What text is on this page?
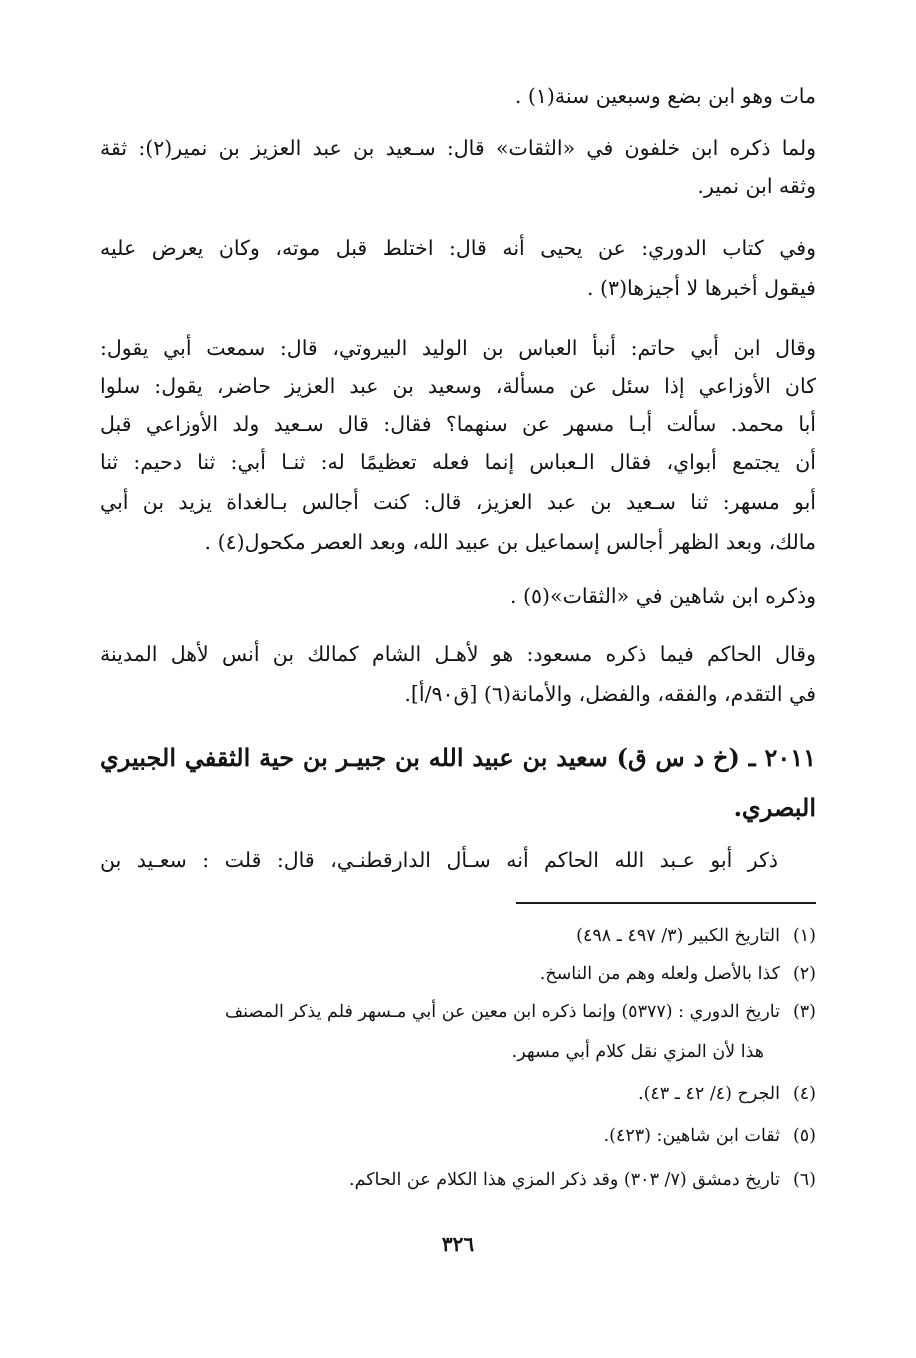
مات وهو ابن بضع وسبعين سنة(١) .
ولما ذكره ابن خلفون في «الثقات» قال: سـعيد بن عبد العزيز بن نمير(٢): ثقة
وثقه ابن نمير.
وفي كتاب الدوري: عن يحيى أنه قال: اختلط قبل موته، وكان يعرض عليه
فيقول أخبرها لا أجيزها(٣) .
وقال ابن أبي حاتم: أنبأ العباس بن الوليد البيروتي، قال: سمعت أبي يقول:
كان الأوزاعي إذا سئل عن مسألة، وسعيد بن عبد العزيز حاضر، يقول: سلوا
أبا محمد. سألت أبـا مسهر عن سنهما؟ فقال: قال سـعيد ولد الأوزاعي قبل
أن يجتمع أبواي، فقال الـعباس إنما فعله تعظيمًا له: ثنـا أبي: ثنا دحيم: ثنا
أبو مسهر: ثنا سـعيد بن عبد العزيز، قال: كنت أجالس بـالغداة يزيد بن أبي
مالك، وبعد الظهر أجالس إسماعيل بن عبيد الله، وبعد العصر مكحول(٤) .
وذكره ابن شاهين في «الثقات»(٥) .
وقال الحاكم فيما ذكره مسعود: هو لأهـل الشام كمالك بن أنس لأهل المدينة
في التقدم، والفقه، والفضل، والأمانة(٦) [ق٩٠/أ].
٢٠١١ ـ (خ د س ق) سعيد بن عبيد الله بن جبيـر بن حية الثقفي الجبيري
البصري.
ذكر أبو عـبد الله الحاكم أنه سـأل الدارقطنـي، قال: قلت : سعـيد بن
(١)التاريخ الكبير (٣/ ٤٩٧ ـ ٤٩٨)
(٢)كذا بالأصل ولعله وهم من الناسخ.
(٣)تاريخ الدوري : (٥٣٧٧) وإنما ذكره ابن معين عن أبي مـسهر فلم يذكر المصنف
هذا لأن المزي نقل كلام أبي مسهر.
(٤)الجرح (٤/ ٤٢ ـ ٤٣).
(٥)ثقات ابن شاهين: (٤٢٣).
(٦)تاريخ دمشق (٧/ ٣٠٣) وقد ذكر المزي هذا الكلام عن الحاكم.
٣٢٦
